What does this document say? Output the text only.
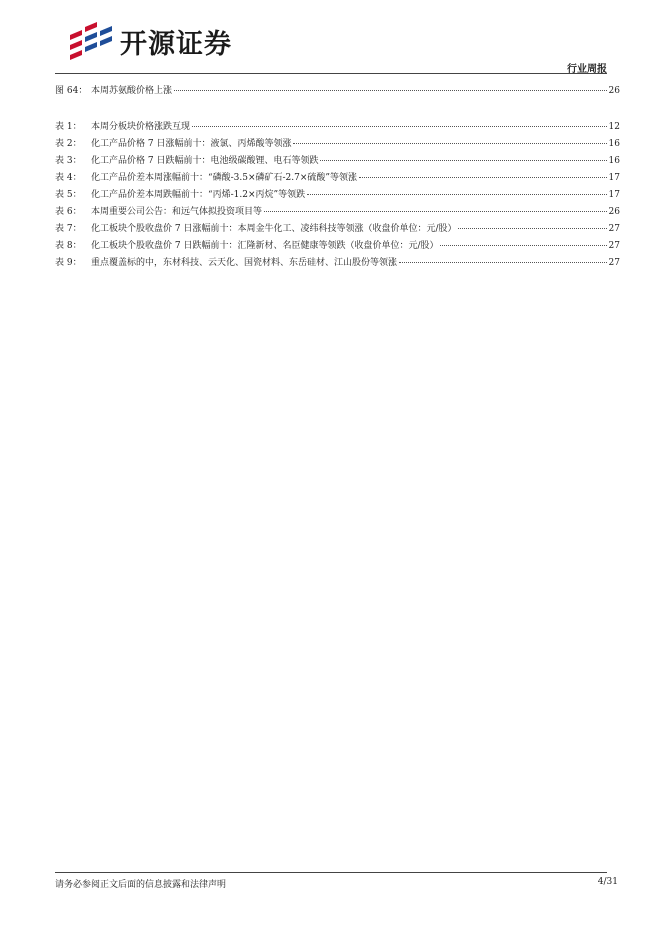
开源证券
行业周报
图 64： 本周苏氨酸价格上涨	26
表 1：	本周分板块价格涨跌互现	12
表 2：	化工产品价格 7 日涨幅前十：液氯、丙烯酸等领涨	16
表 3：	化工产品价格 7 日跌幅前十：电池级碳酸锂、电石等领跌	16
表 4：	化工产品价差本周涨幅前十：“磷酸-3.5×磷矿石-2.7×硫酸”等领涨	17
表 5：	化工产品价差本周跌幅前十：“丙烯-1.2×丙烷”等领跌	17
表 6：	本周重要公司公告：和远气体拟投资项目等	26
表 7：	化工板块个股收盘价 7 日涨幅前十：本周金牛化工、凌纬科技等领涨（收盘价单位：元/股）	27
表 8：	化工板块个股收盘价 7 日跌幅前十：汇隆新材、名臣健康等领跌（收盘价单位：元/股）	27
表 9：	重点覆盖标的中，东材科技、云天化、国瓷材料、东岳硅材、江山股份等领涨	27
请务必参阅正文后面的信息披露和法律声明	4/31
